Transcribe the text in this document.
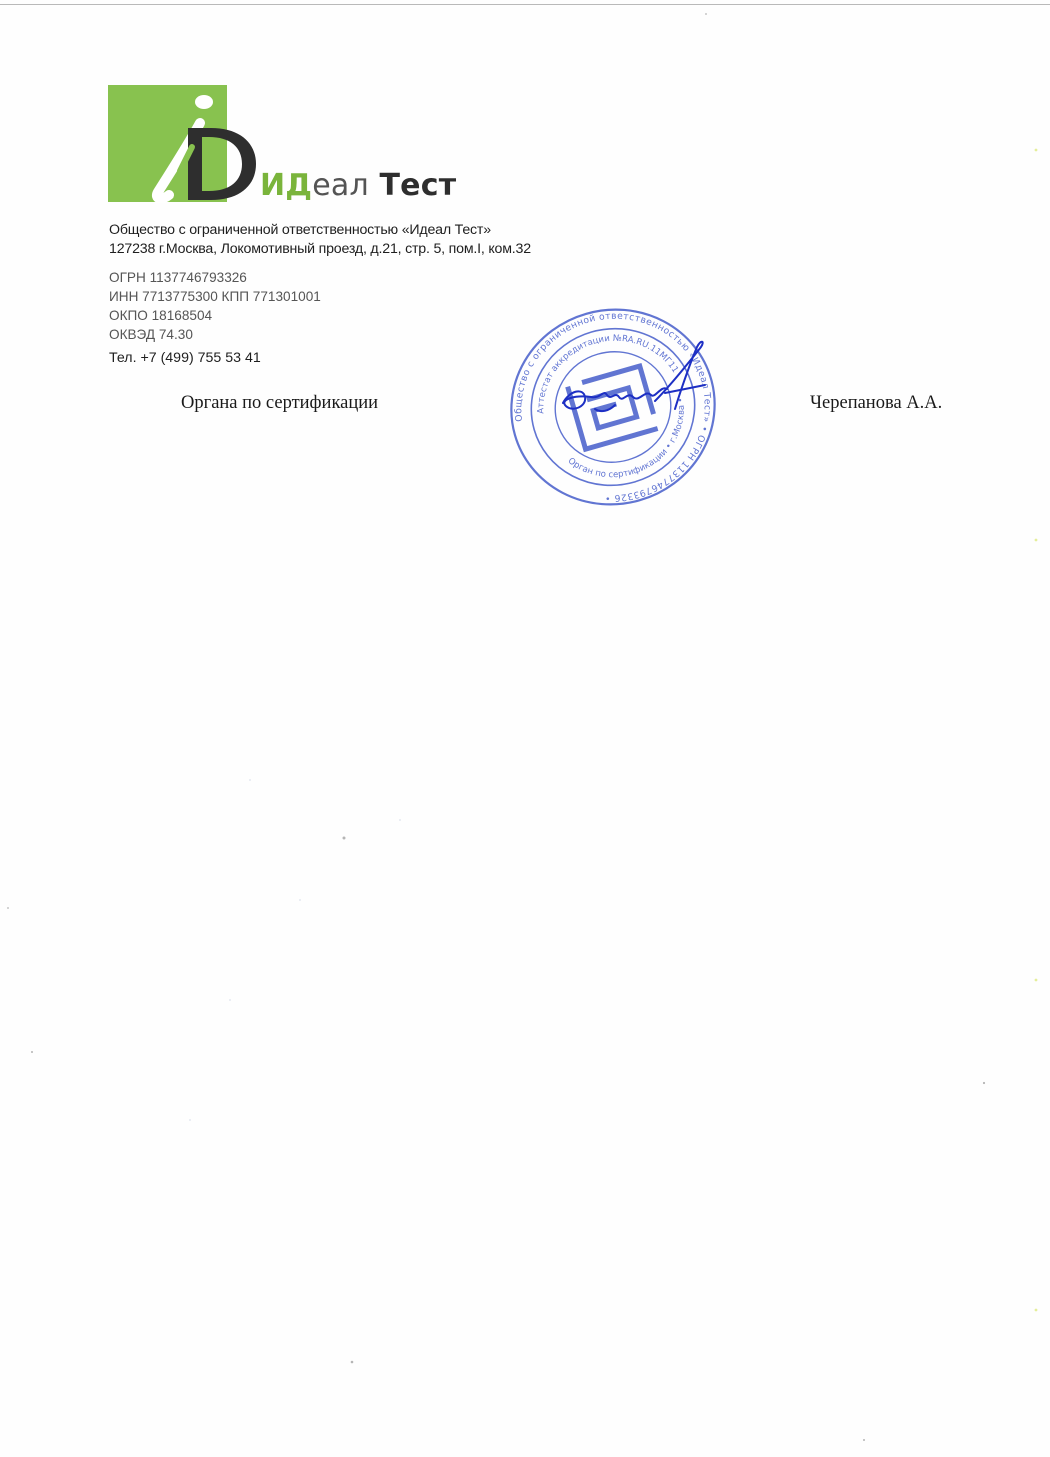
ИДеал Тест
Общество с ограниченной ответственностью «Идеал Тест»
127238 г.Москва, Локомотивный проезд, д.21, стр. 5, пом.I, ком.32
ОГРН 1137746793326
ИНН 7713775300 КПП 771301001
ОКПО 18168504
ОКВЭД 74.30
Тел. +7 (499) 755 53 41
Органа по сертификации	Черепанова А.А.
Общество с ограниченной ответственностью «Идеал Тест» • ОГРН 1137746793326 •
Аттестат аккредитации №RA.RU.11МГ11
Орган по сертификации • г.Москва •
